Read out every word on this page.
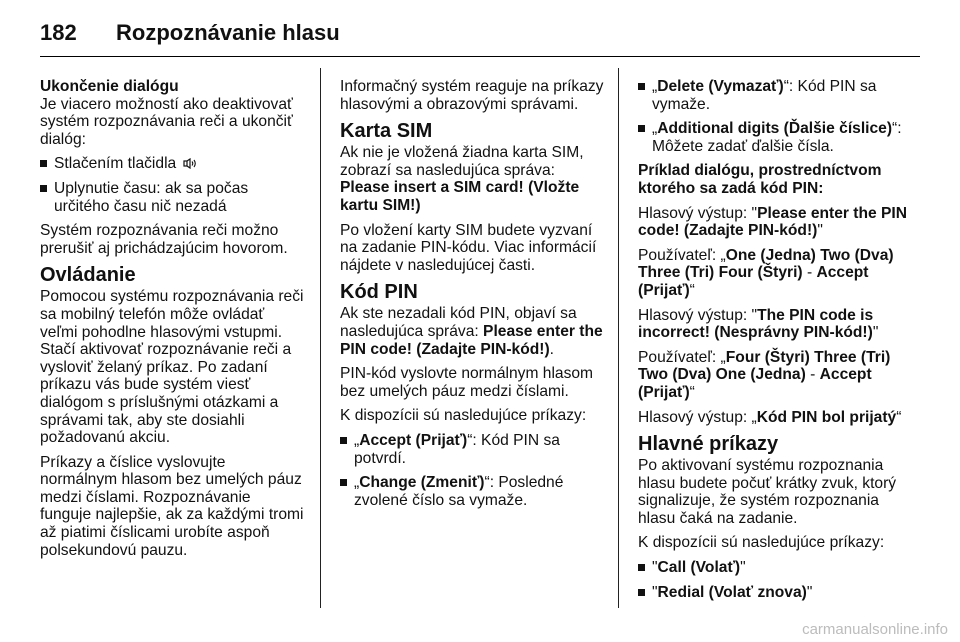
182	Rozpoznávanie hlasu
Ukončenie dialógu

Je viacero možností ako deaktivovať systém rozpoznávania reči a ukončiť dialóg:

Stlačením tlačidla
Uplynutie času: ak sa počas určitého času nič nezadá

Systém rozpoznávania reči možno prerušiť aj prichádzajúcim hovorom.

Ovládanie

Pomocou systému rozpoznávania reči sa mobilný telefón môže ovládať veľmi pohodlne hlasovými vstupmi. Stačí aktivovať rozpoznávanie reči a vysloviť želaný príkaz. Po zadaní príkazu vás bude systém viesť dialógom s príslušnými otázkami a správami tak, aby ste dosiahli požadovanú akciu.

Príkazy a číslice vyslovujte normálnym hlasom bez umelých páuz medzi číslami. Rozpoznávanie funguje najlepšie, ak za každými tromi až piatimi číslicami urobíte aspoň polsekundovú pauzu.

Informačný systém reaguje na príkazy hlasovými a obrazovými správami.

Karta SIM

Ak nie je vložená žiadna karta SIM, zobrazí sa nasledujúca správa:
Please insert a SIM card! (Vložte kartu SIM!)

Po vložení karty SIM budete vyzvaní na zadanie PIN-kódu. Viac informácií nájdete v nasledujúcej časti.

Kód PIN

Ak ste nezadali kód PIN, objaví sa nasledujúca správa: Please enter the PIN code! (Zadajte PIN-kód!).

PIN-kód vyslovte normálnym hlasom bez umelých páuz medzi číslami.

K dispozícii sú nasledujúce príkazy:

„Accept (Prijať)“: Kód PIN sa potvrdí.
„Change (Zmeniť)“: Posledné zvolené číslo sa vymaže.
„Delete (Vymazať)“: Kód PIN sa vymaže.
„Additional digits (Ďalšie číslice)“: Môžete zadať ďalšie čísla.
Príklad dialógu, prostredníctvom ktorého sa zadá kód PIN:

Hlasový výstup: "Please enter the PIN code! (Zadajte PIN-kód!)"

Používateľ: „One (Jedna) Two (Dva) Three (Tri) Four (Štyri) - Accept (Prijať)“

Hlasový výstup: "The PIN code is incorrect! (Nesprávny PIN-kód!)"

Používateľ: „Four (Štyri) Three (Tri) Two (Dva) One (Jedna) - Accept (Prijať)“

Hlasový výstup: „Kód PIN bol prijatý“

Hlavné príkazy

Po aktivovaní systému rozpoznania hlasu budete počuť krátky zvuk, ktorý signalizuje, že systém rozpoznania hlasu čaká na zadanie.

K dispozícii sú nasledujúce príkazy:

"Call (Volať)"
"Redial (Volať znova)"
carmanualsonline.info
